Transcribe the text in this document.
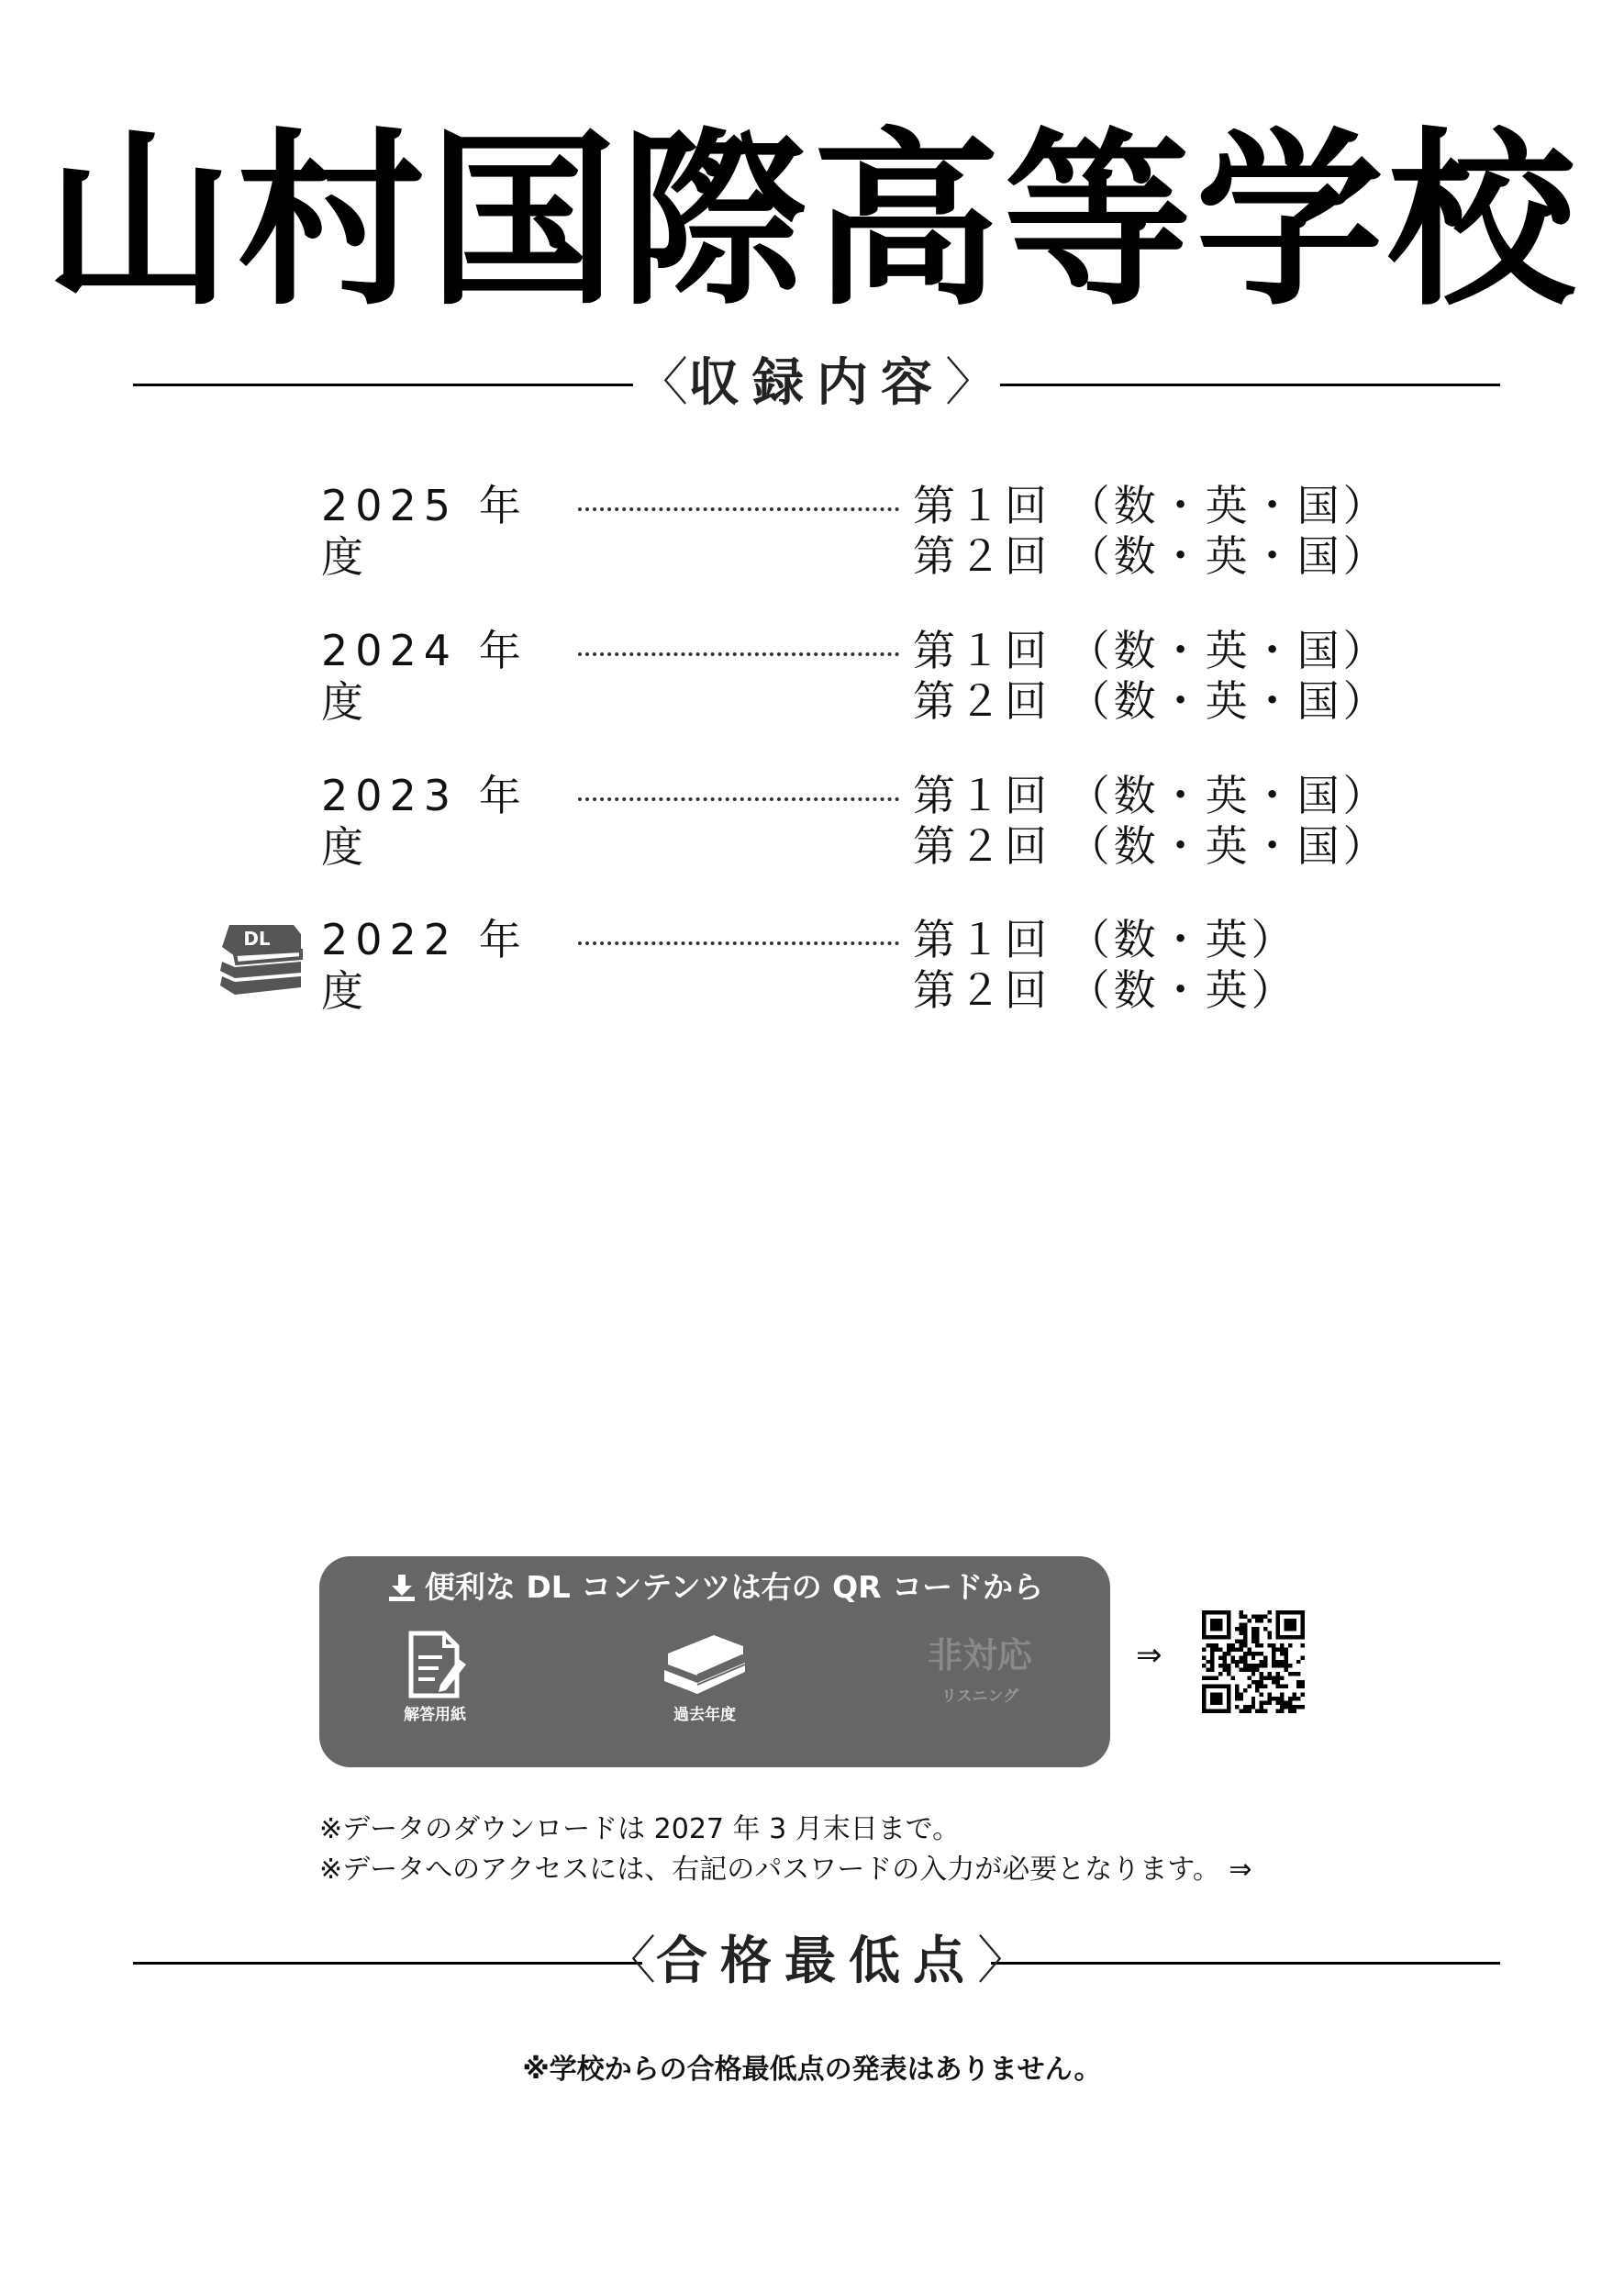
山村国際高等学校
〈収録内容〉
2025 年度
第１回 （数・英・国）
第２回 （数・英・国）
2024 年度
第１回 （数・英・国）
第２回 （数・英・国）
2023 年度
第１回 （数・英・国）
第２回 （数・英・国）
DL 2022 年度
第１回 （数・英）
第２回 （数・英）
便利な DL コンテンツは右の QR コードから
解答用紙	過去年度
非対応
リスニング
⇒
※データのダウンロードは 2027 年 3 月末日まで。
※データへのアクセスには、右記のパスワードの入力が必要となります。 ⇒
〈合格最低点〉
※学校からの合格最低点の発表はありません。
